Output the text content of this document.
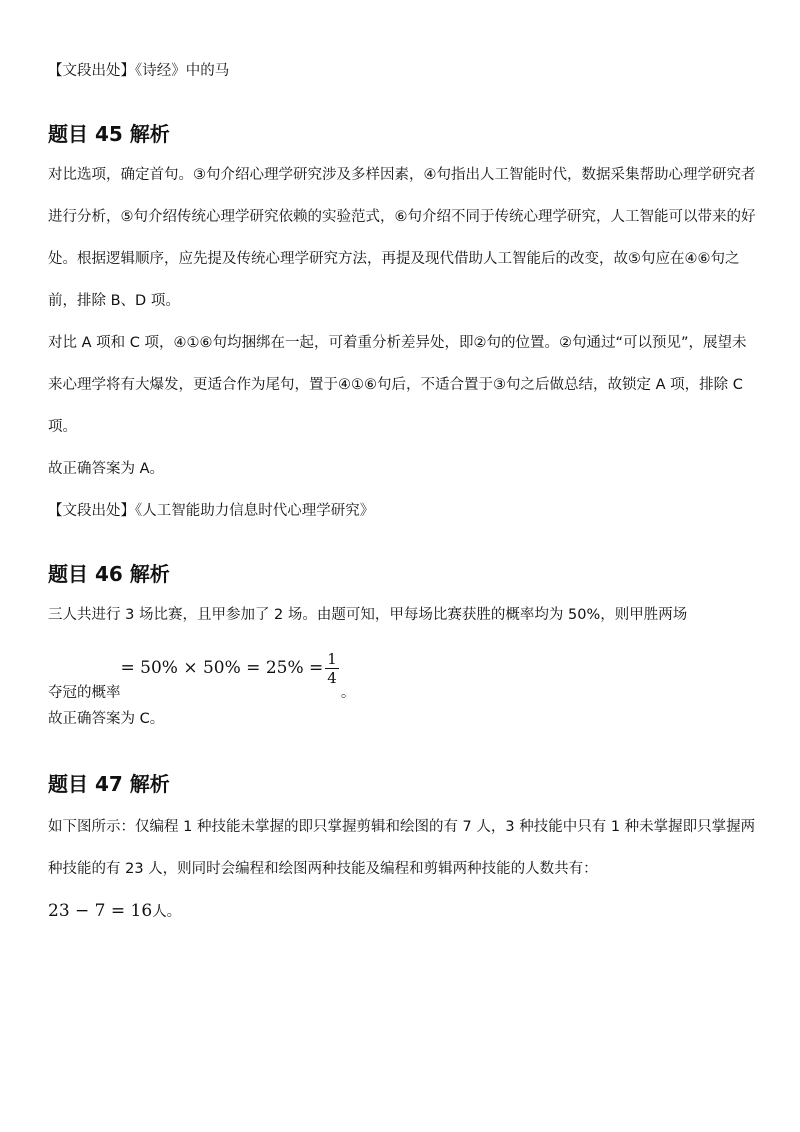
【文段出处】《诗经》中的马
题目 45 解析
对比选项，确定首句。③句介绍心理学研究涉及多样因素，④句指出人工智能时代，数据采集帮助心理学研究者进行分析，⑤句介绍传统心理学研究依赖的实验范式，⑥句介绍不同于传统心理学研究，人工智能可以带来的好处。根据逻辑顺序，应先提及传统心理学研究方法，再提及现代借助人工智能后的改变，故⑤句应在④⑥句之前，排除 B、D 项。
对比 A 项和 C 项，④①⑥句均捆绑在一起，可着重分析差异处，即②句的位置。②句通过“可以预见”，展望未来心理学将有大爆发，更适合作为尾句，置于④①⑥句后，不适合置于③句之后做总结，故锁定 A 项，排除 C 项。
故正确答案为 A。
【文段出处】《人工智能助力信息时代心理学研究》
题目 46 解析
三人共进行 3 场比赛，且甲参加了 2 场。由题可知，甲每场比赛获胜的概率均为 50%，则甲胜两场
夺冠的概率= $50\% \times 50\% = 25\% = \frac{1}{4}$
。
故正确答案为 C。
题目 47 解析
如下图所示：仅编程 1 种技能未掌握的即只掌握剪辑和绘图的有 7 人，3 种技能中只有 1 种未掌握即只掌握两种技能的有 23 人，则同时会编程和绘图两种技能及编程和剪辑两种技能的人数共有：
23 − 7 = 16人。
